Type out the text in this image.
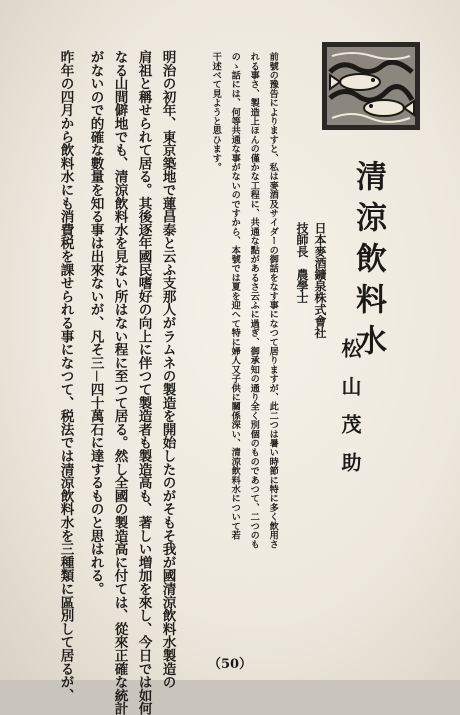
清涼飲料水
日本麥酒鑛泉株式會社
技師長　農學士
松山茂助
前號の豫告によりますと、私は麥酒及サイダーの御話をなす事になつて居りますが、此二つは暑い時節に特に多く飲用さ
れる事さ、製造上ほんの僅かな工程に、共通な點があるさ云ふに過ぎ、御承知の通り全く別個のものであつて、二つのも
のゝ話には、何等共通な事がないのですから、本號では夏を迎へて特に婦人又子供に關係深い、清涼飲料水について若
干述べて見ようと思ひます。
明治の初年、東京築地で蓮昌泰と云ふ支那人がラムネの製造を開始したのがそもそ我が國清涼飲料水製造の
肩祖と稱せられて居る。其後逐年國民嗜好の向上に伴つて製造者も製造高も、著しい増加を來し、今日では如何
なる山間僻地でも、清涼飲料水を見ない所はない程に至つて居る。然し全國の製造高に付ては、從來正確な統計
がないので的確な數量を知る事は出來ないが、凡そ三－四十萬石に達するものと思はれる。
昨年の四月から飲料水にも消費税を課せられる事になつて、税法では清涼飲料水を三種類に區別して居るが、	（50）
